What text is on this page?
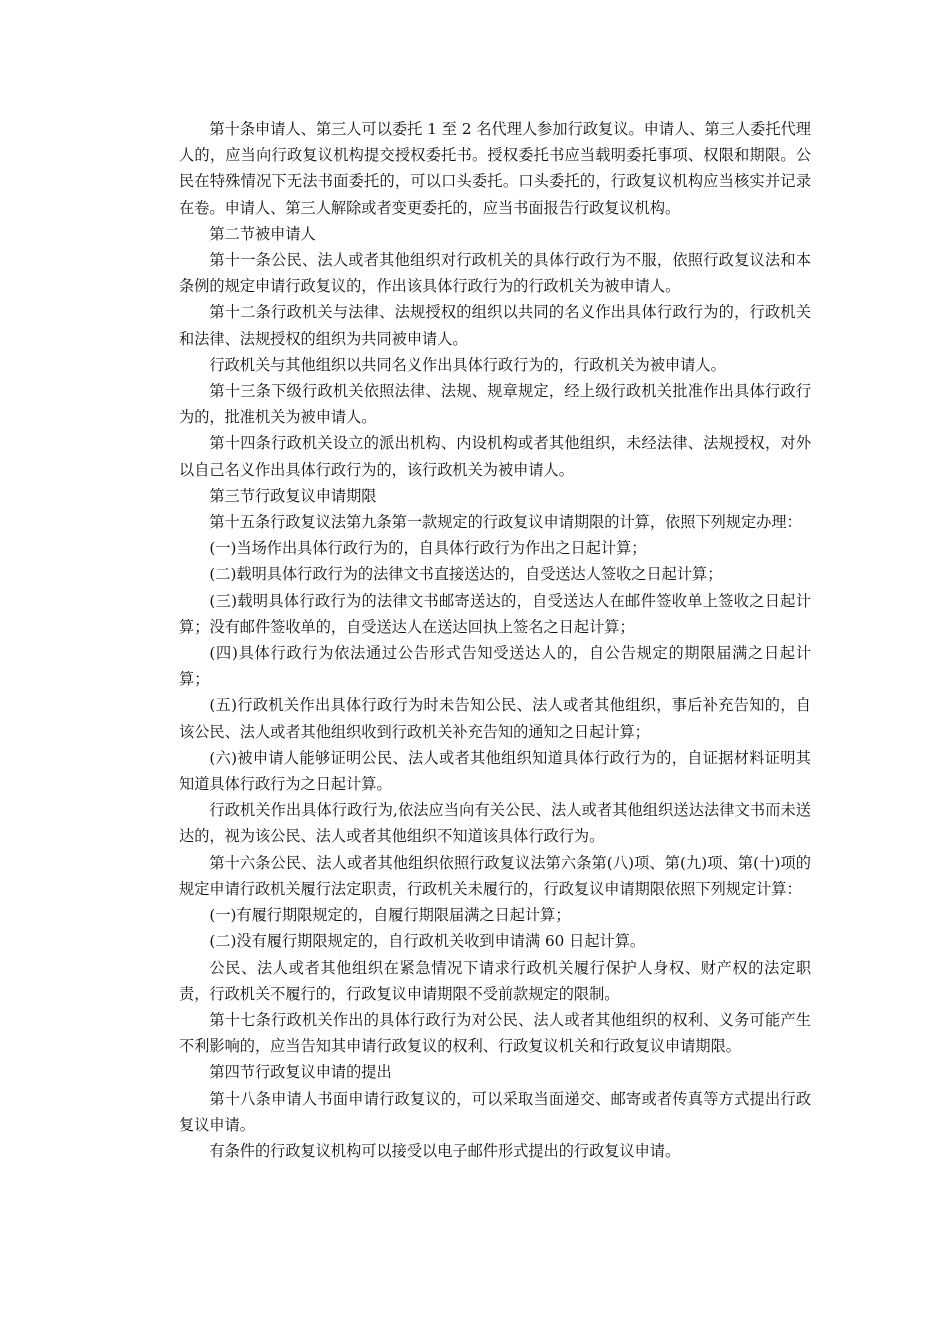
第十条申请人、第三人可以委托 1 至 2 名代理人参加行政复议。申请人、第三人委托代理人的，应当向行政复议机构提交授权委托书。授权委托书应当载明委托事项、权限和期限。公民在特殊情况下无法书面委托的，可以口头委托。口头委托的，行政复议机构应当核实并记录在卷。申请人、第三人解除或者变更委托的，应当书面报告行政复议机构。

第二节被申请人

第十一条公民、法人或者其他组织对行政机关的具体行政行为不服，依照行政复议法和本条例的规定申请行政复议的，作出该具体行政行为的行政机关为被申请人。

第十二条行政机关与法律、法规授权的组织以共同的名义作出具体行政行为的，行政机关和法律、法规授权的组织为共同被申请人。

行政机关与其他组织以共同名义作出具体行政行为的，行政机关为被申请人。

第十三条下级行政机关依照法律、法规、规章规定，经上级行政机关批准作出具体行政行为的，批准机关为被申请人。

第十四条行政机关设立的派出机构、内设机构或者其他组织，未经法律、法规授权，对外以自己名义作出具体行政行为的，该行政机关为被申请人。

第三节行政复议申请期限

第十五条行政复议法第九条第一款规定的行政复议申请期限的计算，依照下列规定办理：

(一)当场作出具体行政行为的，自具体行政行为作出之日起计算；

(二)载明具体行政行为的法律文书直接送达的，自受送达人签收之日起计算；

(三)载明具体行政行为的法律文书邮寄送达的，自受送达人在邮件签收单上签收之日起计算；没有邮件签收单的，自受送达人在送达回执上签名之日起计算；

(四)具体行政行为依法通过公告形式告知受送达人的，自公告规定的期限届满之日起计算；

(五)行政机关作出具体行政行为时未告知公民、法人或者其他组织，事后补充告知的，自该公民、法人或者其他组织收到行政机关补充告知的通知之日起计算；

(六)被申请人能够证明公民、法人或者其他组织知道具体行政行为的，自证据材料证明其知道具体行政行为之日起计算。

行政机关作出具体行政行为,依法应当向有关公民、法人或者其他组织送达法律文书而未送达的，视为该公民、法人或者其他组织不知道该具体行政行为。

第十六条公民、法人或者其他组织依照行政复议法第六条第(八)项、第(九)项、第(十)项的规定申请行政机关履行法定职责，行政机关未履行的，行政复议申请期限依照下列规定计算：

(一)有履行期限规定的，自履行期限届满之日起计算；

(二)没有履行期限规定的，自行政机关收到申请满 60 日起计算。

公民、法人或者其他组织在紧急情况下请求行政机关履行保护人身权、财产权的法定职责，行政机关不履行的，行政复议申请期限不受前款规定的限制。

第十七条行政机关作出的具体行政行为对公民、法人或者其他组织的权利、义务可能产生不利影响的，应当告知其申请行政复议的权利、行政复议机关和行政复议申请期限。

第四节行政复议申请的提出

第十八条申请人书面申请行政复议的，可以采取当面递交、邮寄或者传真等方式提出行政复议申请。

有条件的行政复议机构可以接受以电子邮件形式提出的行政复议申请。
